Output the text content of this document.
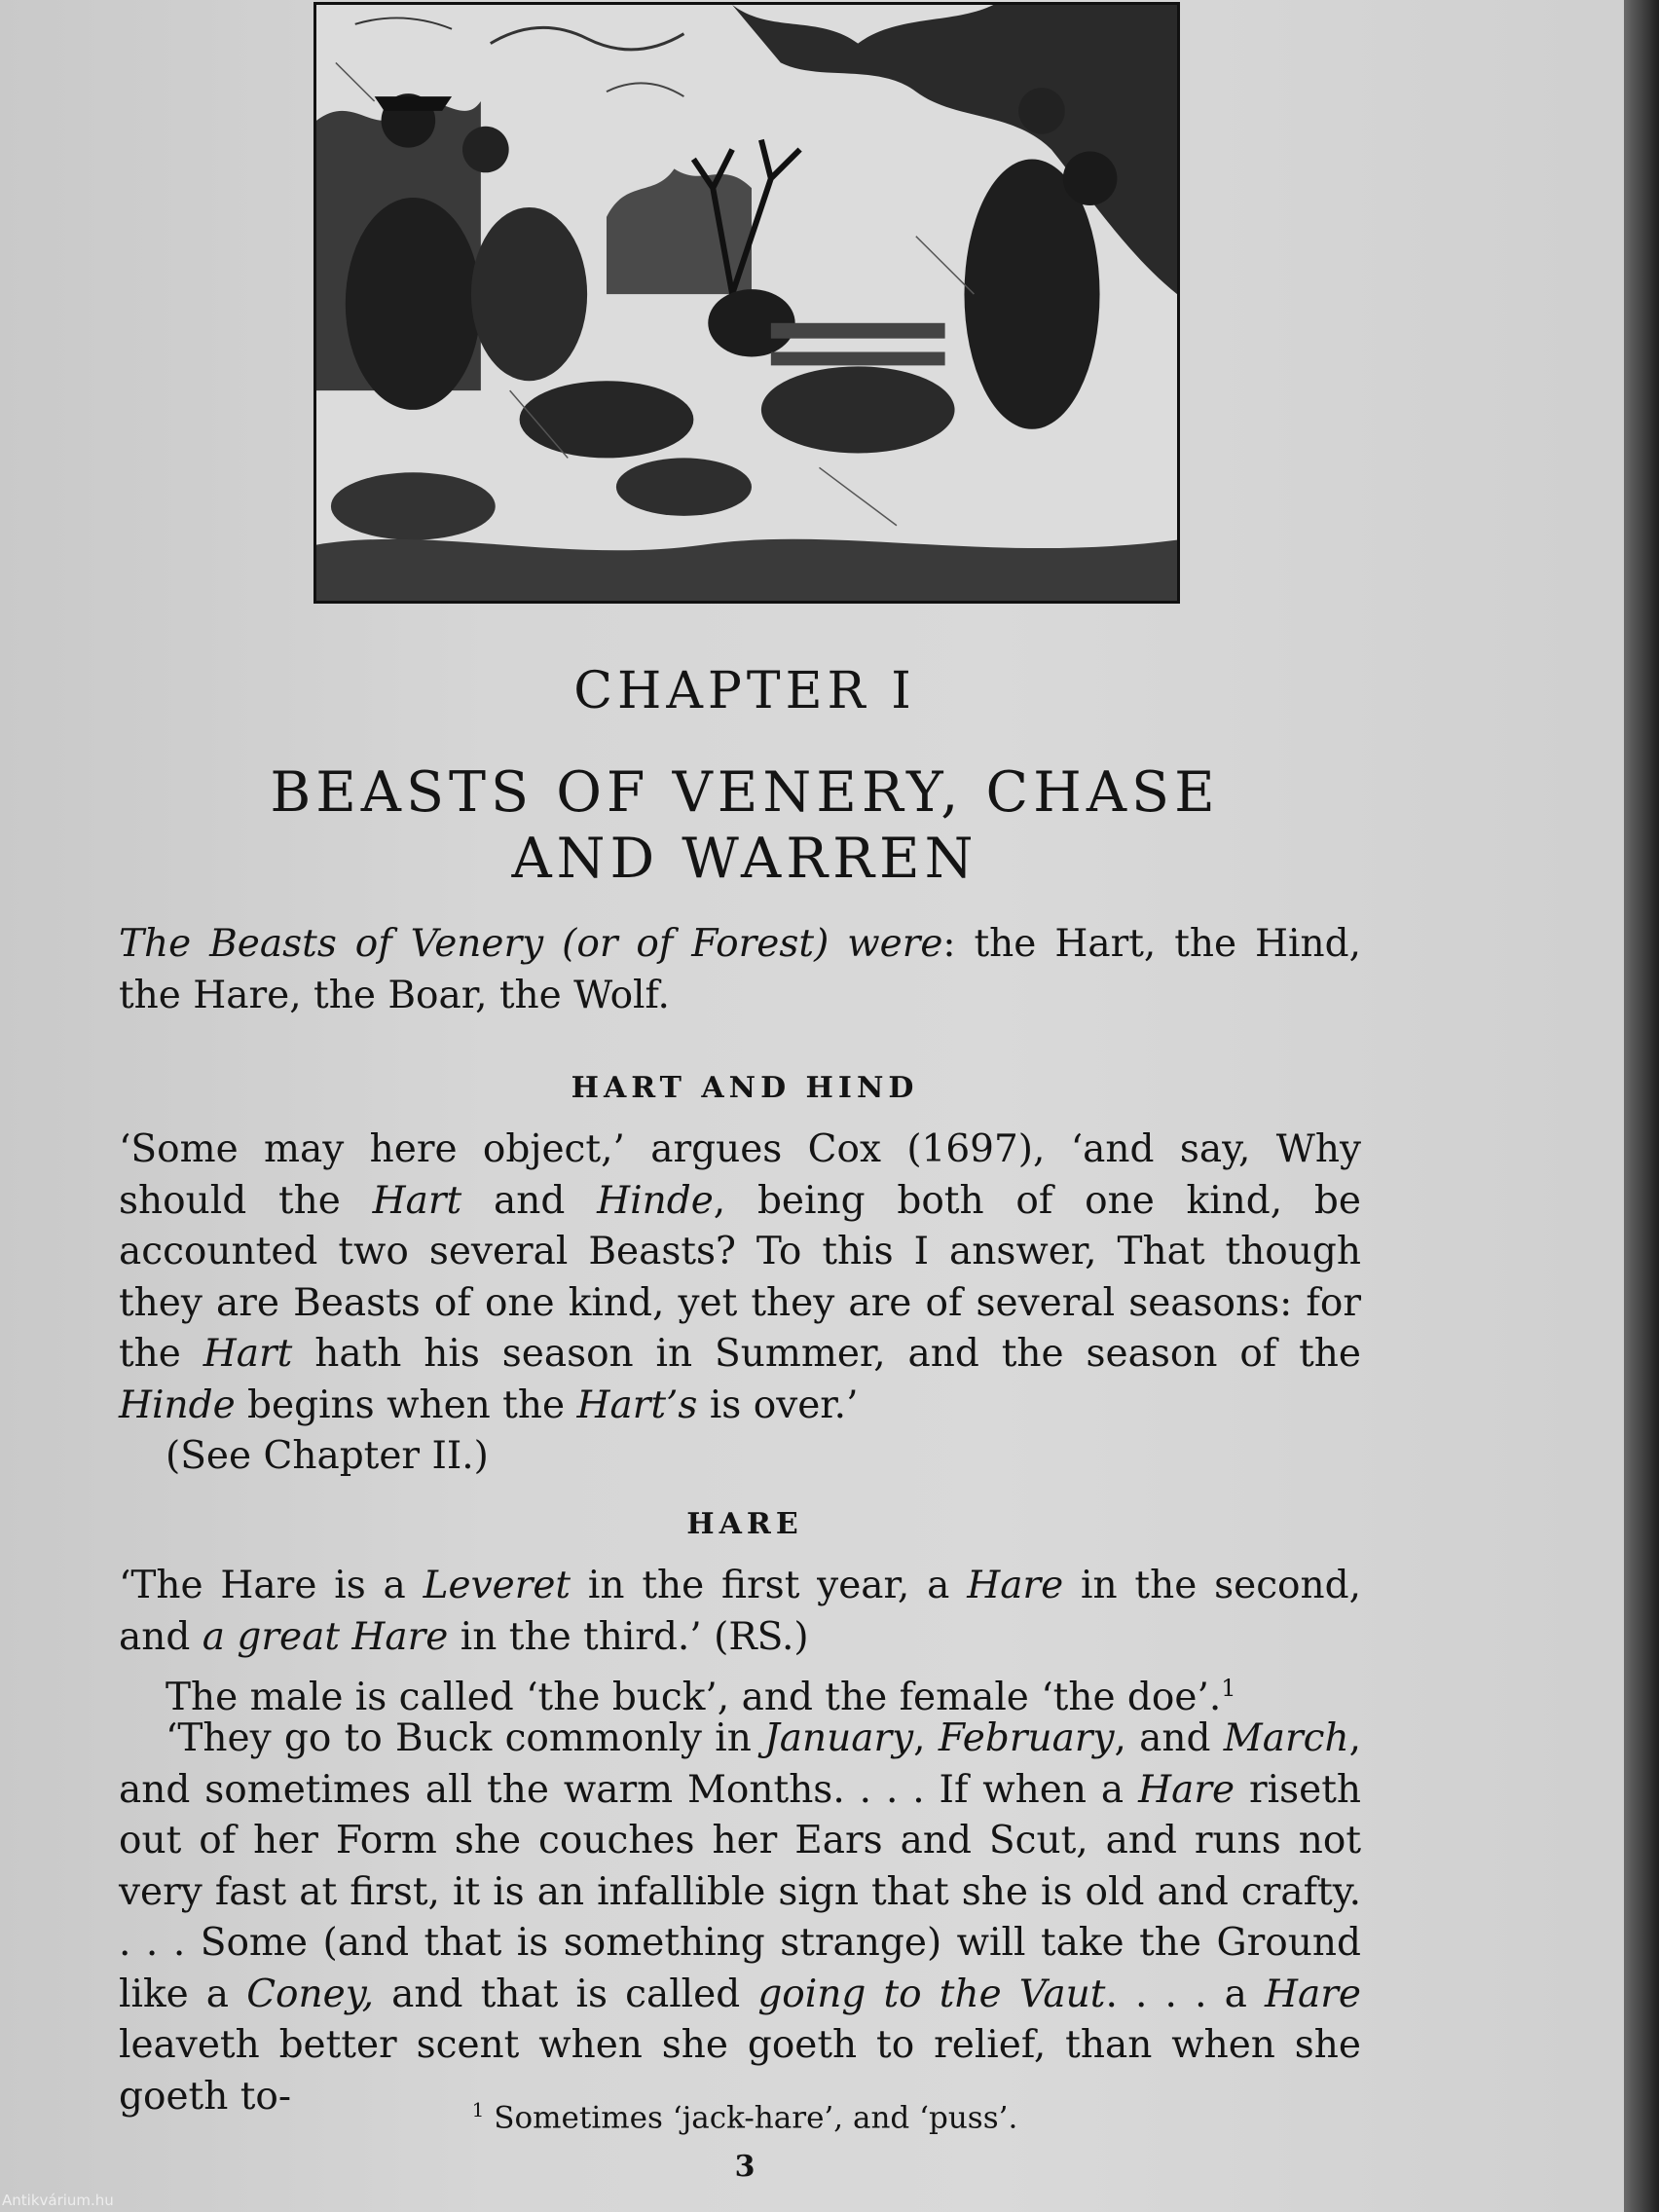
CHAPTER I
BEASTS OF VENERY, CHASE
AND WARREN
The Beasts of Venery (or of Forest) were: the Hart, the Hind, the Hare, the Boar, the Wolf.
HART AND HIND
‘Some may here object,’ argues Cox (1697), ‘and say, Why should the Hart and Hinde, being both of one kind, be accounted two several Beasts? To this I answer, That though they are Beasts of one kind, yet they are of several seasons: for the Hart hath his season in Summer, and the season of the Hinde begins when the Hart’s is over.’
(See Chapter II.)
HARE
‘The Hare is a Leveret in the first year, a Hare in the second, and a great Hare in the third.’ (RS.)
The male is called ‘the buck’, and the female ‘the doe’.$^1$
‘They go to Buck commonly in January, February, and March, and sometimes all the warm Months. . . . If when a Hare riseth out of her Form she couches her Ears and Scut, and runs not very fast at first, it is an infallible sign that she is old and crafty. . . . Some (and that is something strange) will take the Ground like a Coney, and that is called going to the Vaut. . . . a Hare leaveth better scent when she goeth to relief, than when she goeth to-	$^1$ Sometimes ‘jack-hare’, and ‘puss’.
3
Antikvárium.hu
